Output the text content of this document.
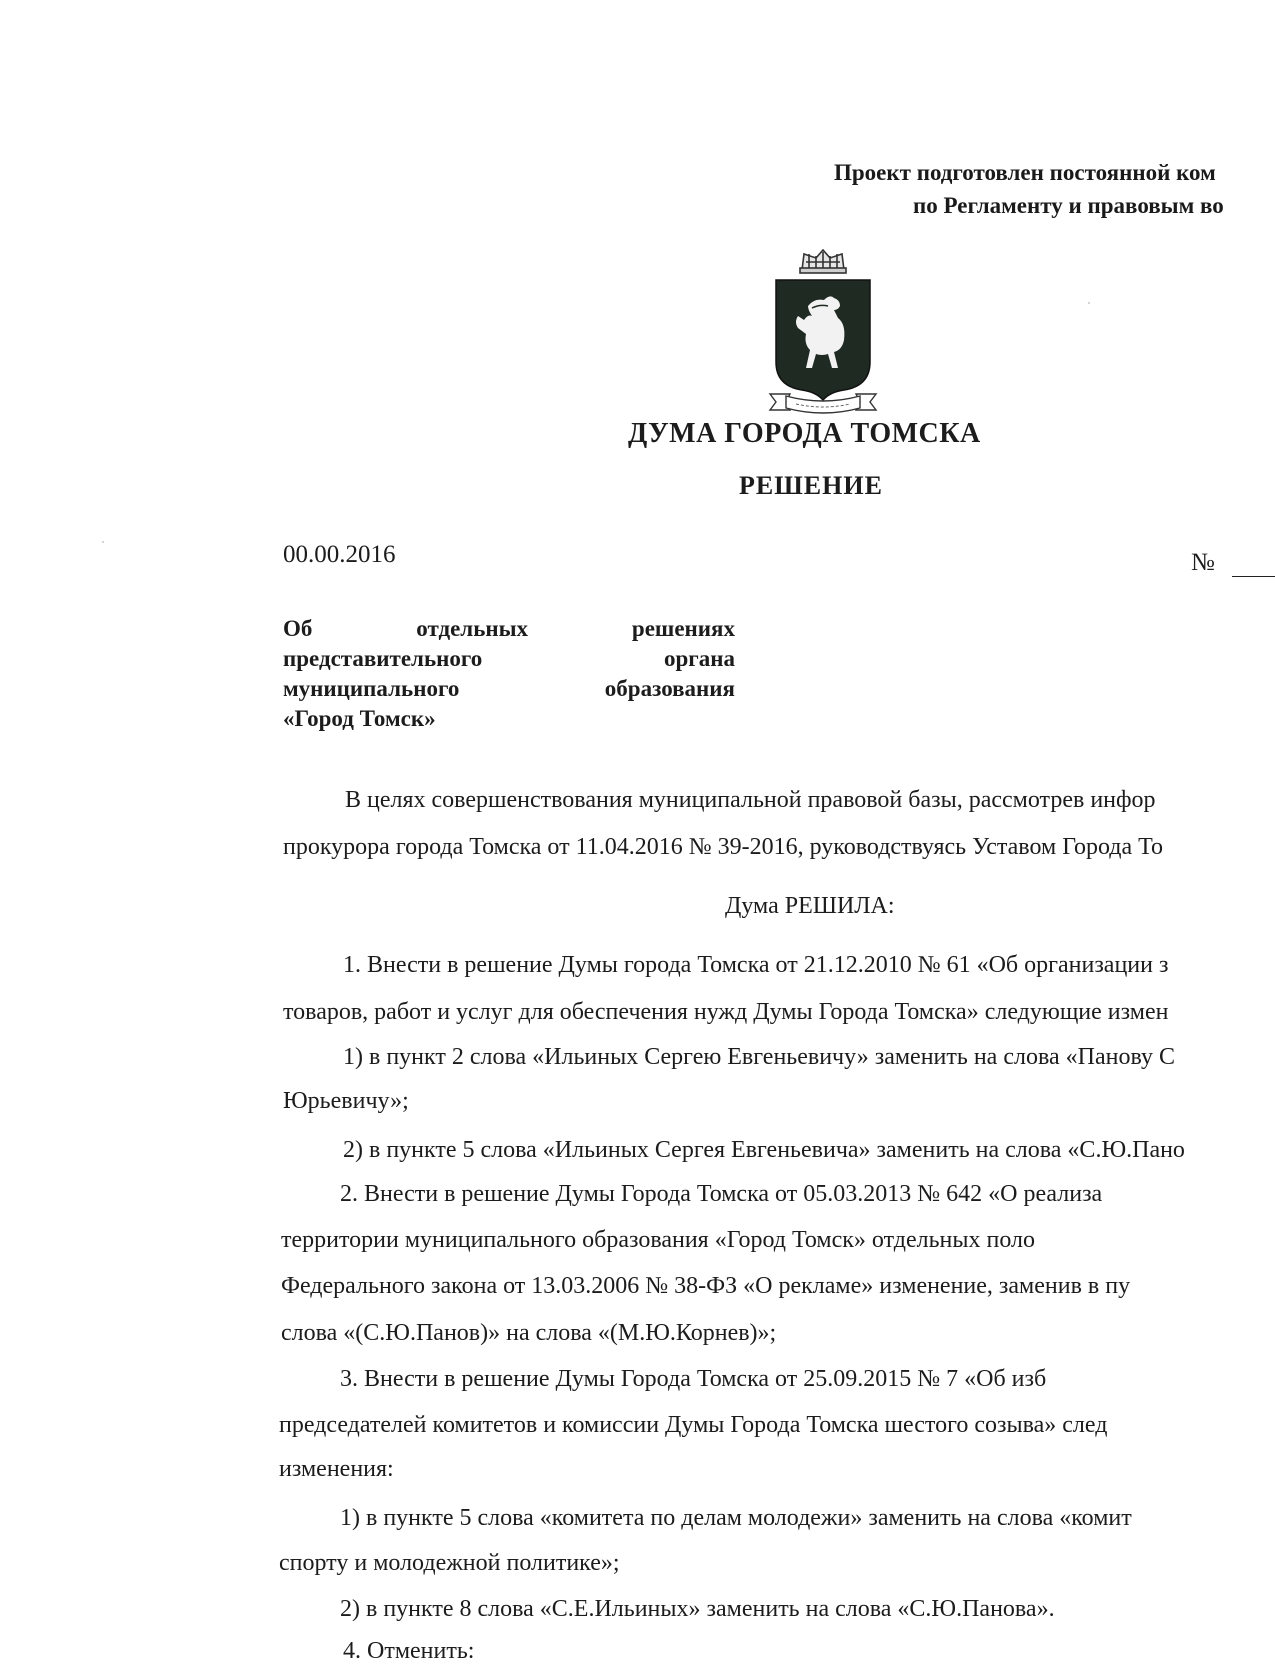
Проект подготовлен постоянной ком
по Регламенту и правовым во
ДУМА ГОРОДА ТОМСКА
РЕШЕНИЕ
00.00.2016	№
Об	отдельных	решениях
представительного	органа
муниципального	образования
«Город Томск»
В целях совершенствования муниципальной правовой базы, рассмотрев инфор
прокурора города Томска от 11.04.2016 № 39-2016, руководствуясь Уставом Города То
Дума РЕШИЛА:
1. Внести в решение Думы города Томска от 21.12.2010 № 61 «Об организации з
товаров, работ и услуг для обеспечения нужд Думы Города Томска» следующие измен
1) в пункт 2 слова «Ильиных Сергею Евгеньевичу» заменить на слова «Панову С
Юрьевичу»;
2) в пункте 5 слова «Ильиных Сергея Евгеньевича» заменить на слова «С.Ю.Пано
2. Внести в решение Думы Города Томска от 05.03.2013 № 642 «О реализа
территории муниципального образования «Город Томск» отдельных поло
Федерального закона от 13.03.2006 № 38-ФЗ «О рекламе» изменение, заменив в пу
слова «(С.Ю.Панов)» на слова «(М.Ю.Корнев)»;
3. Внести в решение Думы Города Томска от 25.09.2015 № 7 «Об изб
председателей комитетов и комиссии Думы Города Томска шестого созыва» след
изменения:
1) в пункте 5 слова «комитета по делам молодежи» заменить на слова «комит
спорту и молодежной политике»;
2) в пункте 8 слова «С.Е.Ильиных» заменить на слова «С.Ю.Панова».
4. Отменить:
